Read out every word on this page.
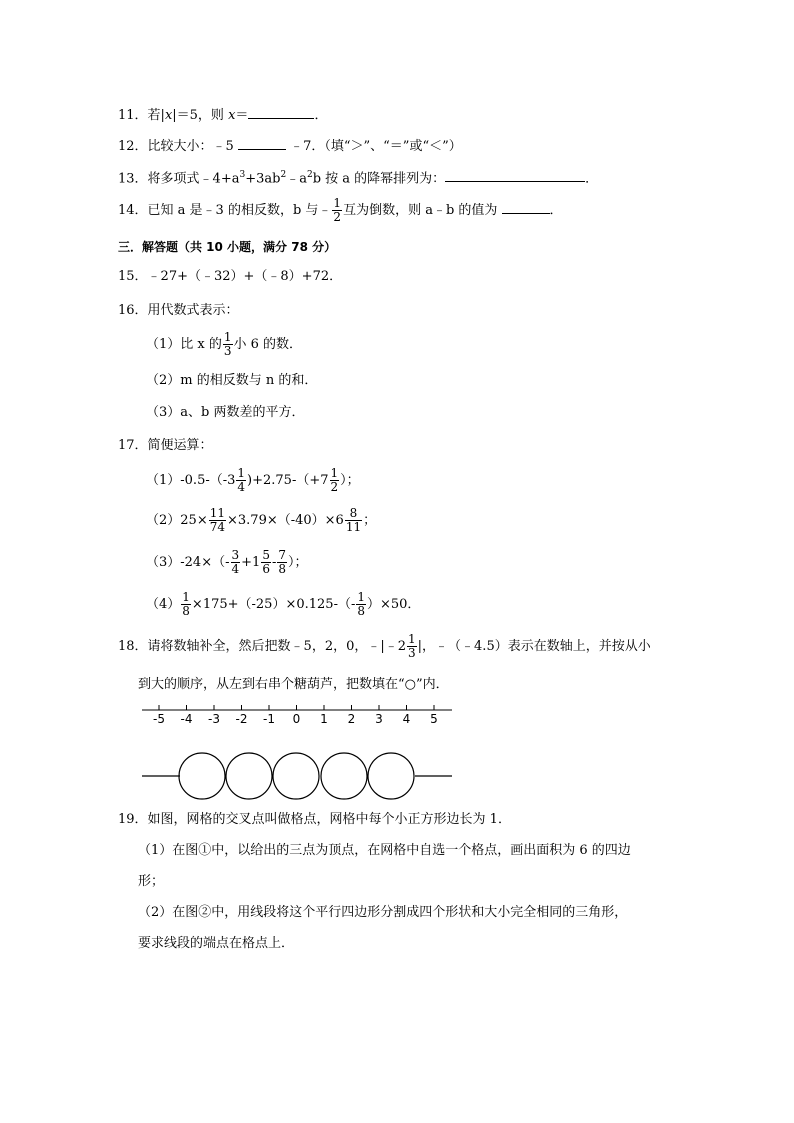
11．若|x|＝5，则 x＝	．
12．比较大小：﹣5	﹣7．（填“＞”、“＝”或“＜”）
13．将多项式$﹣4+a^3+3ab^2﹣a^2b$ 按 a 的降幂排列为：	．
14．已知 a 是﹣3 的相反数，b 与﹣ $\frac{1}{2}$ 互为倒数，则 a﹣b 的值为	．
三．解答题（共 10 小题，满分 78 分）
15．﹣27+（﹣32）+（﹣8）+72．
16．用代数式表示：
（1）比 x 的 $\frac{1}{3}$ 小 6 的数．
（2）m 的相反数与 n 的和．
（3）a、b 两数差的平方．
17．简便运算：
$(1)-0.5-(-3 \frac{1}{4} )+2.75-(+7 \frac{1}{2}$ ）；
$(2)25\times \frac{11}{74} \times 3.79\times(-40)\times 6 \frac{8}{11}$ ；
$(3)-24\times(- \frac{3}{4} +1 \frac{5}{6} - \frac{7}{8}$ ）；
$(4) \frac{1}{8} \times 175+(-25)\times 0.125-(- \frac{1}{8} )\times 50$．
18．请将数轴补全，然后把数﹣5，2，0，﹣|﹣2 $\frac{1}{3}$ |，﹣（﹣4.5）表示在数轴上，并按从小
到大的顺序，从左到右串个糖葫芦，把数填在“○”内．
-5	-4	-3	-2	-1	0	1	2	3	4	5
19．如图，网格的交叉点叫做格点，网格中每个小正方形边长为 1．
（1）在图①中，以给出的三点为顶点，在网格中自选一个格点，画出面积为 6 的四边
形；
（2）在图②中，用线段将这个平行四边形分割成四个形状和大小完全相同的三角形，
要求线段的端点在格点上．
